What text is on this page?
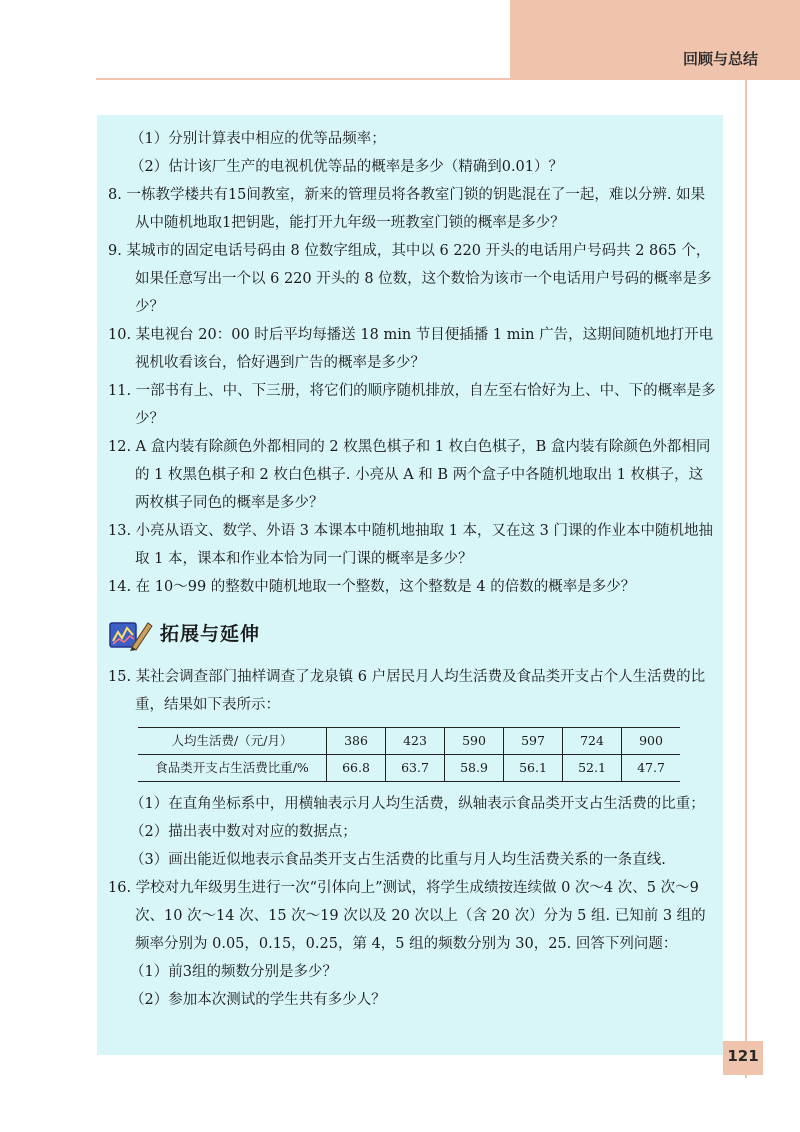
回顾与总结

（1）分别计算表中相应的优等品频率；

（2）估计该厂生产的电视机优等品的概率是多少（精确到0.01）？

8. 一栋教学楼共有15间教室，新来的管理员将各教室门锁的钥匙混在了一起，难以分辨. 如果从中随机地取1把钥匙，能打开九年级一班教室门锁的概率是多少？

9. 某城市的固定电话号码由 8 位数字组成，其中以 6 220 开头的电话用户号码共 2 865 个，如果任意写出一个以 6 220 开头的 8 位数，这个数恰为该市一个电话用户号码的概率是多少？

10. 某电视台 20：00 时后平均每播送 18 min 节目便插播 1 min 广告，这期间随机地打开电视机收看该台，恰好遇到广告的概率是多少？

11. 一部书有上、中、下三册，将它们的顺序随机排放，自左至右恰好为上、中、下的概率是多少？

12. A 盒内装有除颜色外都相同的 2 枚黑色棋子和 1 枚白色棋子，B 盒内装有除颜色外都相同的 1 枚黑色棋子和 2 枚白色棋子. 小亮从 A 和 B 两个盒子中各随机地取出 1 枚棋子，这两枚棋子同色的概率是多少？

13. 小亮从语文、数学、外语 3 本课本中随机地抽取 1 本，又在这 3 门课的作业本中随机地抽取 1 本，课本和作业本恰为同一门课的概率是多少？

14. 在 10～99 的整数中随机地取一个整数，这个整数是 4 的倍数的概率是多少？

拓展与延伸

15. 某社会调查部门抽样调查了龙泉镇 6 户居民月人均生活费及食品类开支占个人生活费的比重，结果如下表所示：

人均生活费/（元/月）	386	423	590	597	724	900
食品类开支占生活费比重/%	66.8	63.7	58.9	56.1	52.1	47.7

（1）在直角坐标系中，用横轴表示月人均生活费，纵轴表示食品类开支占生活费的比重；

（2）描出表中数对对应的数据点；

（3）画出能近似地表示食品类开支占生活费的比重与月人均生活费关系的一条直线.

16. 学校对九年级男生进行一次“引体向上”测试，将学生成绩按连续做 0 次～4 次、5 次～9 次、10 次～14 次、15 次～19 次以及 20 次以上（含 20 次）分为 5 组. 已知前 3 组的频率分别为 0.05，0.15，0.25，第 4，5 组的频数分别为 30，25. 回答下列问题：

（1）前3组的频数分别是多少？

（2）参加本次测试的学生共有多少人？

121
